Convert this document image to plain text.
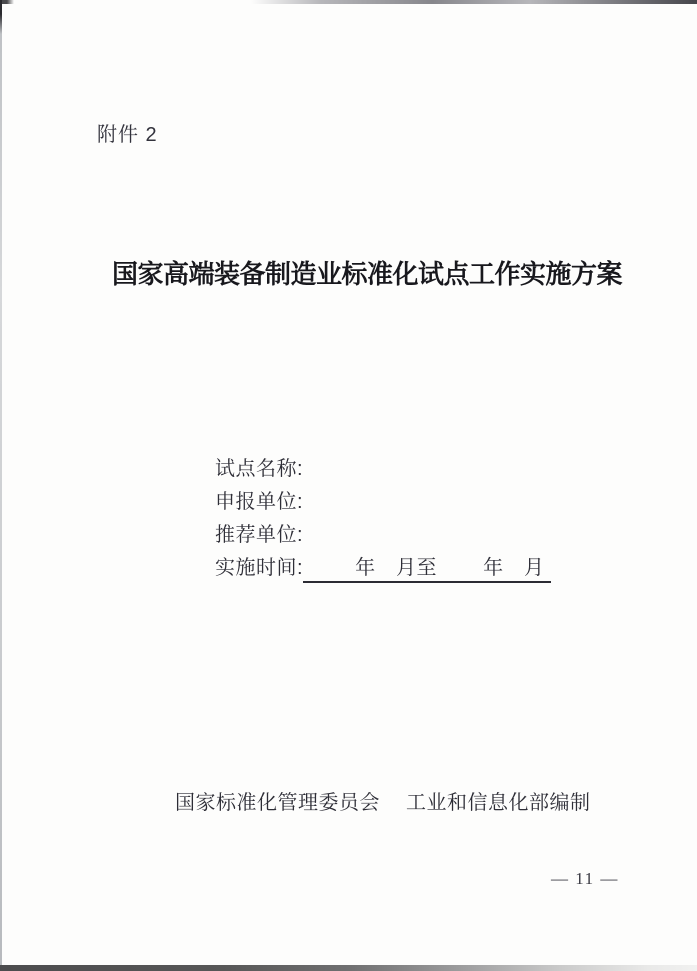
附件 2
国家高端装备制造业标准化试点工作实施方案
试点名称:
申报单位:
推荐单位:
实施时间:	年　月至 年　月
国家标准化管理委员会 工业和信息化部编制
— 11 —
